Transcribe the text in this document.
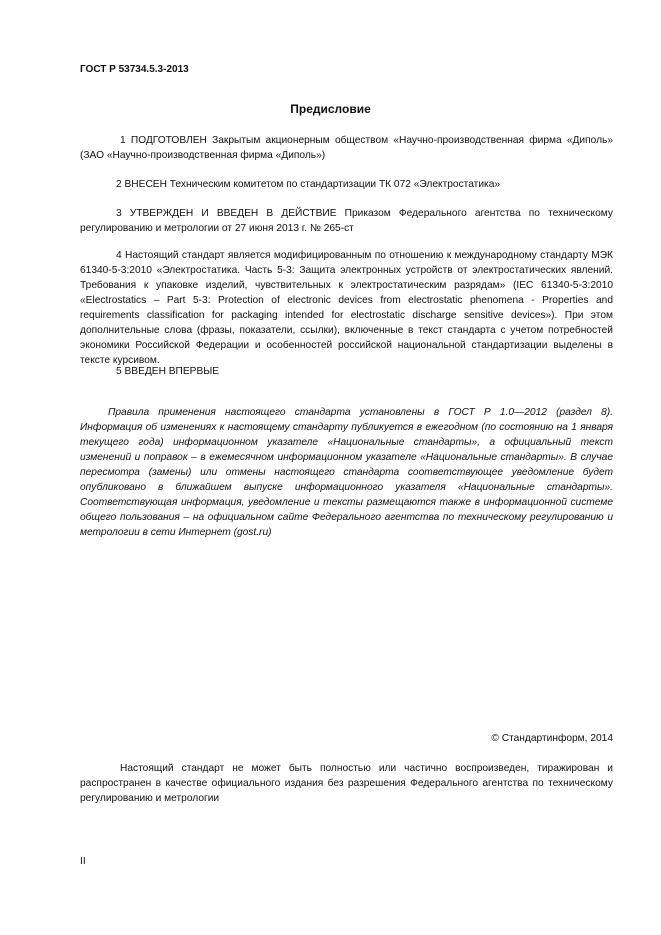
ГОСТ Р 53734.5.3-2013
Предисловие

1 ПОДГОТОВЛЕН Закрытым акционерным обществом «Научно-производственная фирма «Диполь» (ЗАО «Научно-производственная фирма «Диполь»)

2 ВНЕСЕН Техническим комитетом по стандартизации ТК 072 «Электростатика»

3 УТВЕРЖДЕН И ВВЕДЕН В ДЕЙСТВИЕ Приказом Федерального агентства по техническому регулированию и метрологии от 27 июня 2013 г. № 265-ст

4 Настоящий стандарт является модифицированным по отношению к международному стандарту МЭК 61340-5-3:2010 «Электростатика. Часть 5-3: Защита электронных устройств от электростатических явлений. Требования к упаковке изделий, чувствительных к электростатическим разрядам» (IEC 61340-5-3:2010 «Electrostatics – Part 5-3: Protection of electronic devices from electrostatic phenomena - Properties and requirements classification for packaging intended for electrostatic discharge sensitive devices»). При этом дополнительные слова (фразы, показатели, ссылки), включенные в текст стандарта с учетом потребностей экономики Российской Федерации и особенностей российской национальной стандартизации выделены в тексте курсивом.

5 ВВЕДЕН ВПЕРВЫЕ

Правила применения настоящего стандарта установлены в ГОСТ Р 1.0—2012 (раздел 8). Информация об изменениях к настоящему стандарту публикуется в ежегодном (по состоянию на 1 января текущего года) информационном указателе «Национальные стандарты», а официальный текст изменений и поправок – в ежемесячном информационном указателе «Национальные стандарты». В случае пересмотра (замены) или отмены настоящего стандарта соответствующее уведомление будет опубликовано в ближайшем выпуске информационного указателя «Национальные стандарты». Соответствующая информация, уведомление и тексты размещаются также в информационной системе общего пользования – на официальном сайте Федерального агентства по техническому регулированию и метрологии в сети Интернет (gost.ru)

© Стандартинформ, 2014

Настоящий стандарт не может быть полностью или частично воспроизведен, тиражирован и распространен в качестве официального издания без разрешения Федерального агентства по техническому регулированию и метрологии

II
